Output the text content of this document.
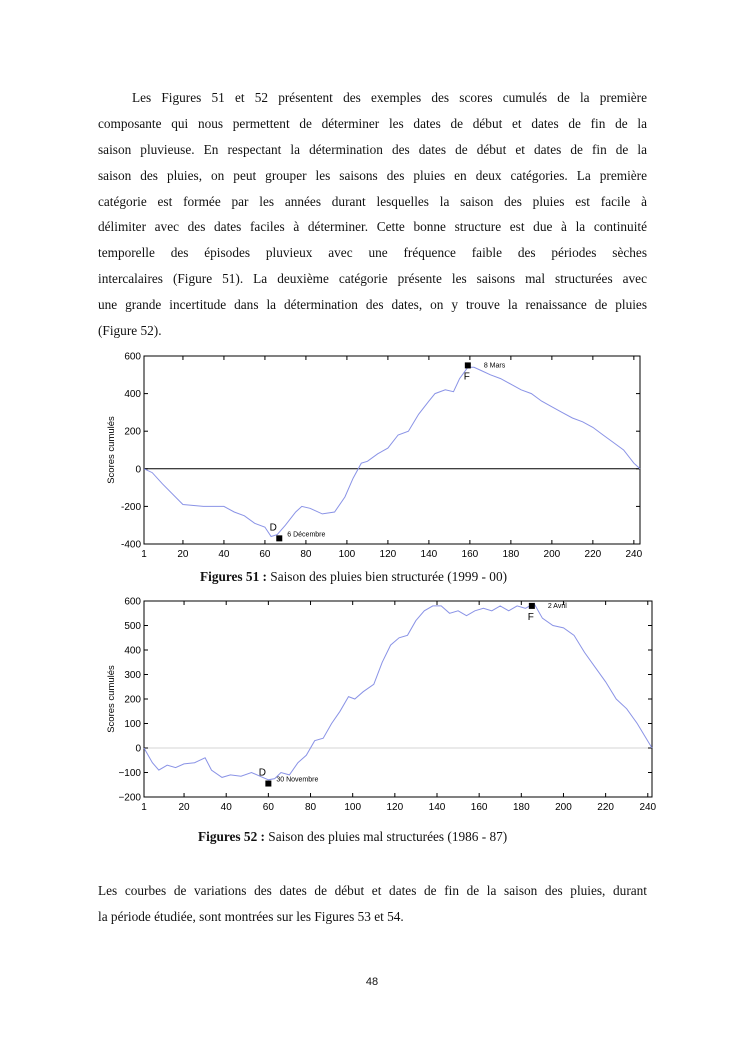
Les Figures 51 et 52 présentent des exemples des scores cumulés de la première
composante qui nous permettent de déterminer les dates de début et dates de fin de la
saison pluvieuse. En respectant la détermination des dates de début et dates de fin de la
saison des pluies, on peut grouper les saisons des pluies en deux catégories. La première
catégorie est formée par les années durant lesquelles la saison des pluies est facile à
délimiter avec des dates faciles à déterminer. Cette bonne structure est due à la continuité
temporelle des épisodes pluvieux avec une fréquence faible des périodes sèches
intercalaires (Figure 51). La deuxième catégorie présente les saisons mal structurées avec
une grande incertitude dans la détermination des dates, on y trouve la renaissance de pluies
(Figure 52).
600
400
200
0
-200
-400
1	20	40	60	80	100 120 140 160 180 200 220 240
Scores cumulés
D
6 Décembre
F
8 Mars

Figures 51 : Saison des pluies bien structurée (1999 - 00)

600
500
400
300
200
100
0
−100
−200
1	20	40	60	80	100	120	140	160	180	200	220	240
Scores cumulés
D
30 Novembre
F
2 Avril

Figures 52 : Saison des pluies mal structurées (1986 - 87)

Les courbes de variations des dates de début et dates de fin de la saison des pluies, durant
la période étudiée, sont montrées sur les Figures 53 et 54.
48
